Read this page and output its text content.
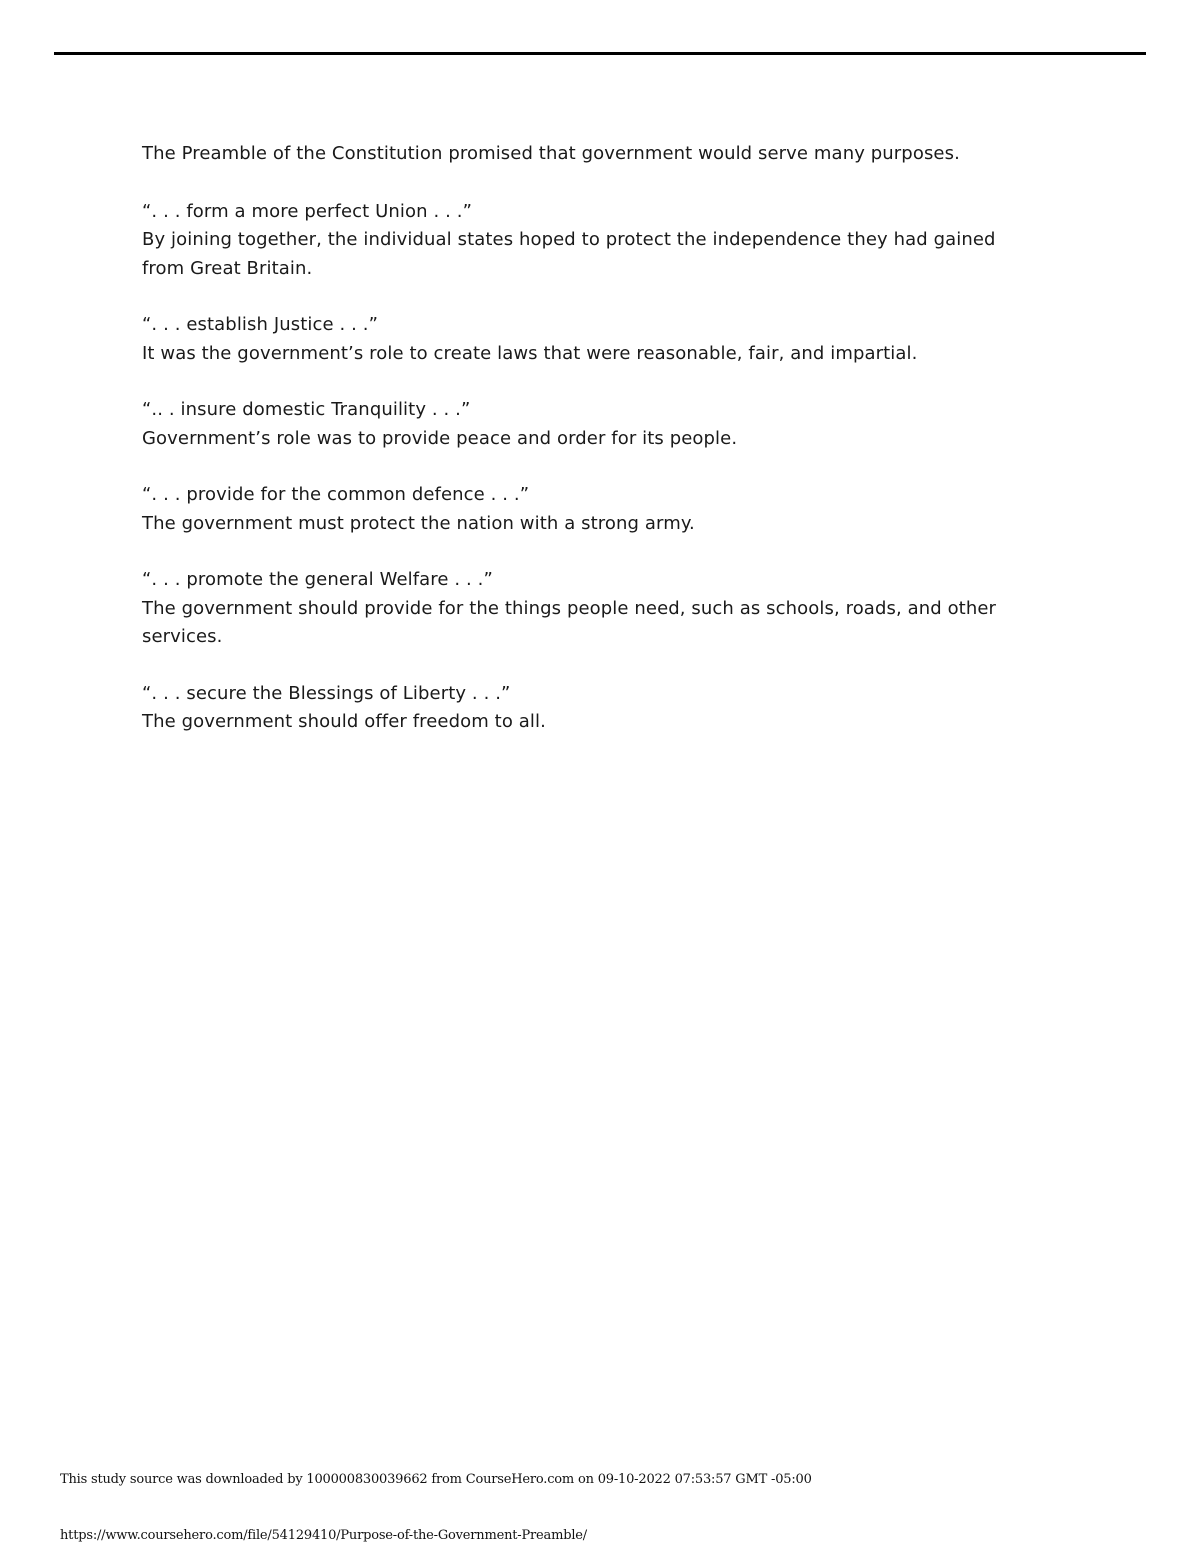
The Preamble of the Constitution promised that government would serve many purposes.

“. . . form a more perfect Union . . .”

By joining together, the individual states hoped to protect the independence they had gained from Great Britain.

“. . . establish Justice . . .”

It was the government’s role to create laws that were reasonable, fair, and impartial.

“.. . insure domestic Tranquility . . .”

Government’s role was to provide peace and order for its people.

“. . . provide for the common defence . . .”

The government must protect the nation with a strong army.

“. . . promote the general Welfare . . .”

The government should provide for the things people need, such as schools, roads, and other services.

“. . . secure the Blessings of Liberty . . .”

The government should offer freedom to all.

This study source was downloaded by 100000830039662 from CourseHero.com on 09-10-2022 07:53:57 GMT -05:00
https://www.coursehero.com/file/54129410/Purpose-of-the-Government-Preamble/
